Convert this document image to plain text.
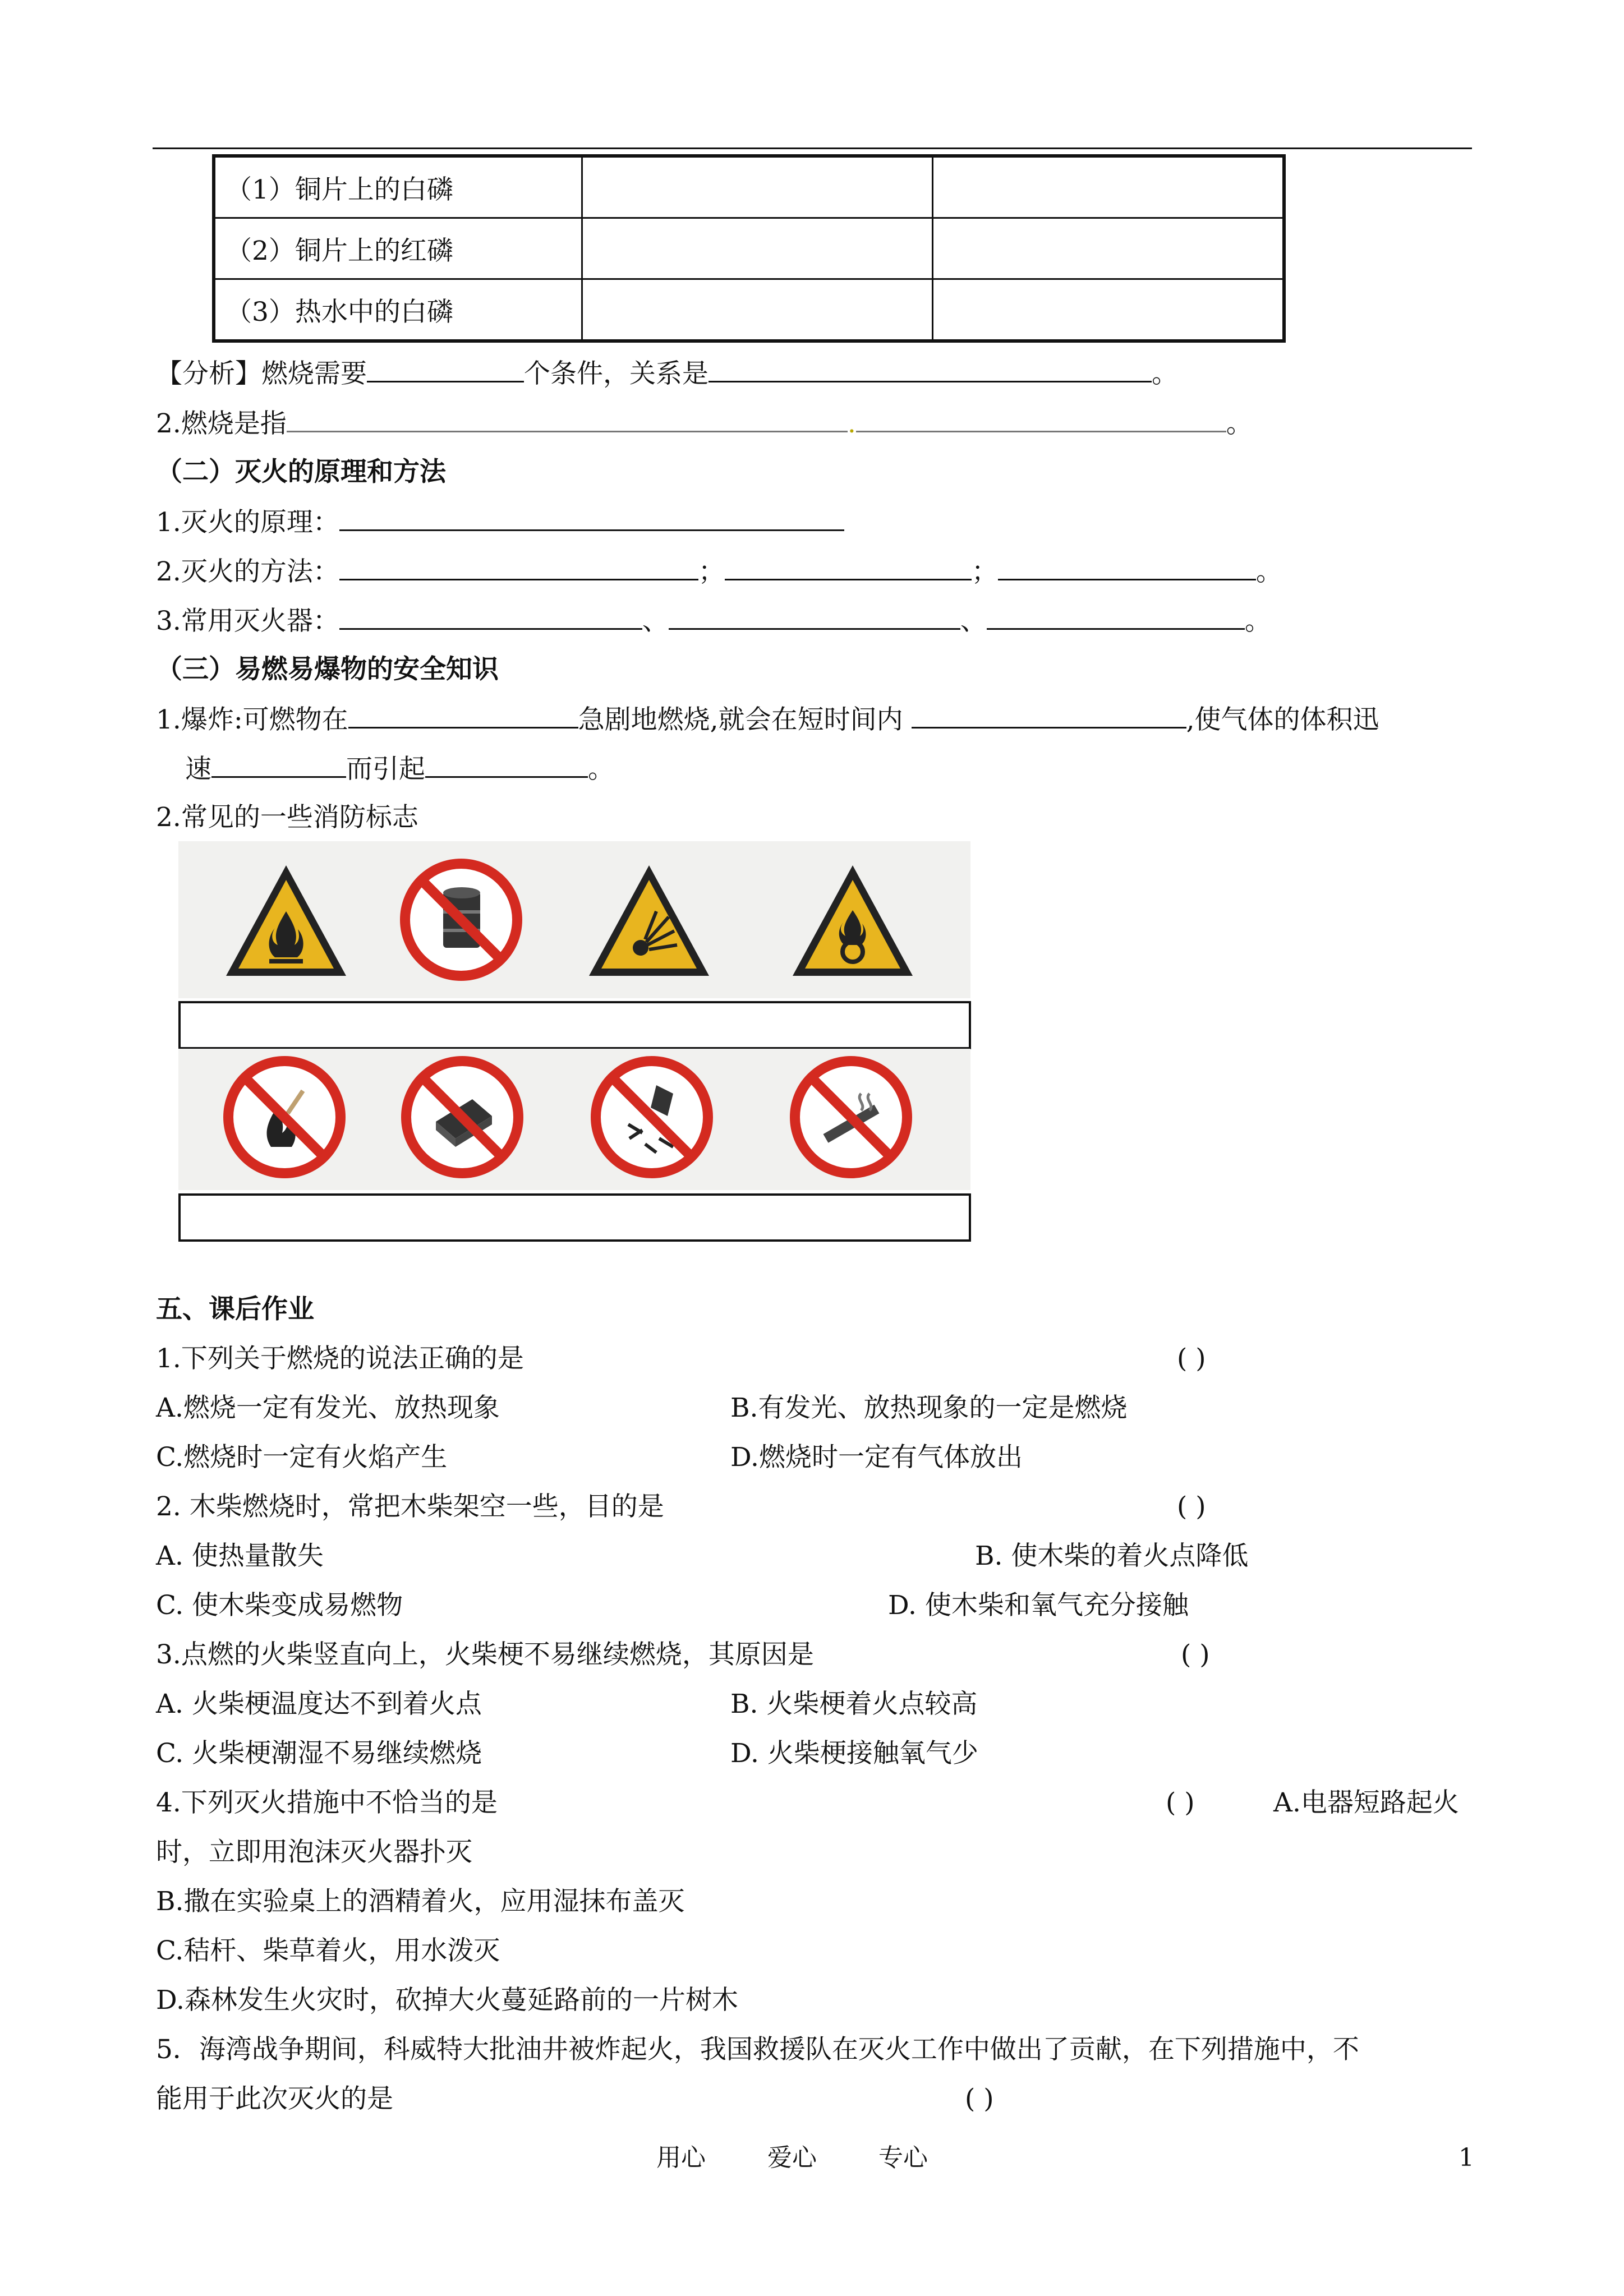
（1）铜片上的白磷		
（2）铜片上的红磷		
（3）热水中的白磷		
【分析】燃烧需要	个条件，关系是	。
2.燃烧是指	.	。
（二）灭火的原理和方法
1.灭火的原理：
2.灭火的方法：	；	；	。
3.常用灭火器：	、	、	。
（三）易燃易爆物的安全知识
1.爆炸:可燃物在	急剧地燃烧,就会在短时间内	,使气体的体积迅
速	而引起	。
2.常见的一些消防标志
五、课后作业
1.下列关于燃烧的说法正确的是	( )
A.燃烧一定有发光、放热现象	B.有发光、放热现象的一定是燃烧
C.燃烧时一定有火焰产生	D.燃烧时一定有气体放出
2. 木柴燃烧时，常把木柴架空一些，目的是	( )
A. 使热量散失	B. 使木柴的着火点降低
C. 使木柴变成易燃物	D. 使木柴和氧气充分接触
3.点燃的火柴竖直向上，火柴梗不易继续燃烧，其原因是	( )
A. 火柴梗温度达不到着火点	B. 火柴梗着火点较高
C. 火柴梗潮湿不易继续燃烧	D. 火柴梗接触氧气少
4.下列灭火措施中不恰当的是	( )	A.电器短路起火
时，立即用泡沫灭火器扑灭
B.撒在实验桌上的酒精着火，应用湿抹布盖灭
C.秸杆、柴草着火，用水泼灭
D.森林发生火灾时，砍掉大火蔓延路前的一片树木
5．海湾战争期间，科威特大批油井被炸起火，我国救援队在灭火工作中做出了贡献，在下列措施中，不
能用于此次灭火的是	( )
用心	爱心	专心	1
